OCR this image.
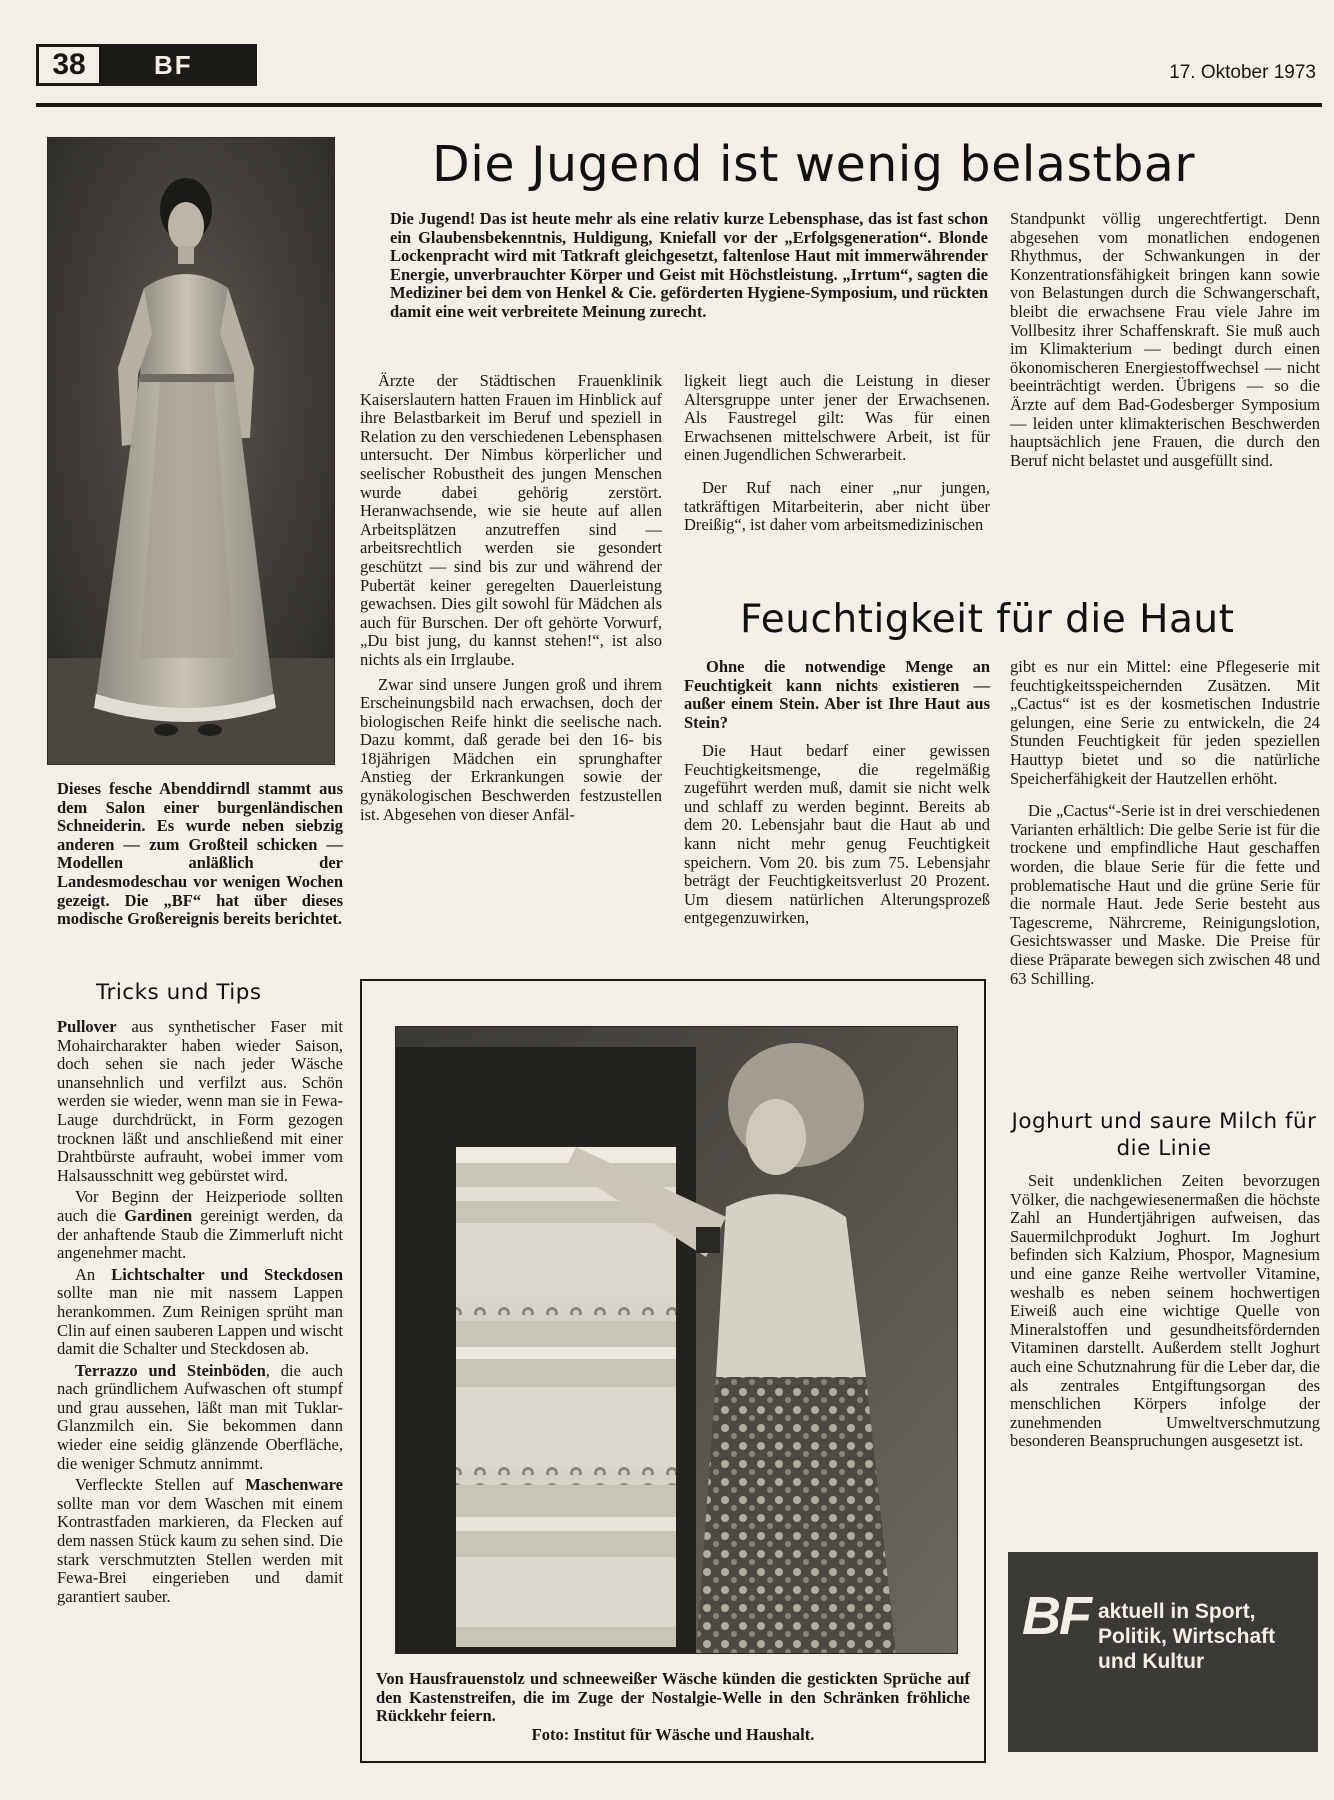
38	BF	17. Oktober 1973
Dieses fesche Abenddirndl stammt aus dem Salon einer burgenländischen Schneiderin. Es wurde neben siebzig anderen — zum Großteil schicken — Modellen anläßlich der Landesmodeschau vor wenigen Wochen gezeigt. Die „BF“ hat über dieses modische Großereignis bereits berichtet.
Tricks und Tips

Pullover aus synthetischer Faser mit Mohaircharakter haben wieder Saison, doch sehen sie nach jeder Wäsche unansehnlich und verfilzt aus. Schön werden sie wieder, wenn man sie in Fewa-Lauge durchdrückt, in Form gezogen trocknen läßt und anschließend mit einer Drahtbürste aufrauht, wobei immer vom Halsausschnitt weg gebürstet wird.

Vor Beginn der Heizperiode sollten auch die Gardinen gereinigt werden, da der anhaftende Staub die Zimmerluft nicht angenehmer macht.

An Lichtschalter und Steckdosen sollte man nie mit nassem Lappen herankommen. Zum Reinigen sprüht man Clin auf einen sauberen Lappen und wischt damit die Schalter und Steckdosen ab.

Terrazzo und Steinböden, die auch nach gründlichem Aufwaschen oft stumpf und grau aussehen, läßt man mit Tuklar-Glanzmilch ein. Sie bekommen dann wieder eine seidig glänzende Oberfläche, die weniger Schmutz annimmt.

Verfleckte Stellen auf Maschenware sollte man vor dem Waschen mit einem Kontrastfaden markieren, da Flecken auf dem nassen Stück kaum zu sehen sind. Die stark verschmutzten Stellen werden mit Fewa-Brei eingerieben und damit garantiert sauber.

Die Jugend ist wenig belastbar

Die Jugend! Das ist heute mehr als eine relativ kurze Lebensphase, das ist fast schon ein Glaubensbekenntnis, Huldigung, Kniefall vor der „Erfolgsgeneration“. Blonde Lockenpracht wird mit Tatkraft gleichgesetzt, faltenlose Haut mit immerwährender Energie, unverbrauchter Körper und Geist mit Höchstleistung. „Irrtum“, sagten die Mediziner bei dem von Henkel & Cie. geförderten Hygiene-Symposium, und rückten damit eine weit verbreitete Meinung zurecht.

Ärzte der Städtischen Frauenklinik Kaiserslautern hatten Frauen im Hinblick auf ihre Belastbarkeit im Beruf und speziell in Relation zu den verschiedenen Lebensphasen untersucht. Der Nimbus körperlicher und seelischer Robustheit des jungen Menschen wurde dabei gehörig zerstört. Heranwachsende, wie sie heute auf allen Arbeitsplätzen anzutreffen sind — arbeitsrechtlich werden sie gesondert geschützt — sind bis zur und während der Pubertät keiner geregelten Dauerleistung gewachsen. Dies gilt sowohl für Mädchen als auch für Burschen. Der oft gehörte Vorwurf, „Du bist jung, du kannst stehen!“, ist also nichts als ein Irrglaube.

Zwar sind unsere Jungen groß und ihrem Erscheinungsbild nach erwachsen, doch der biologischen Reife hinkt die seelische nach. Dazu kommt, daß gerade bei den 16- bis 18jährigen Mädchen ein sprunghafter Anstieg der Erkrankungen sowie der gynäkologischen Beschwerden festzustellen ist. Abgesehen von dieser Anfäl-

ligkeit liegt auch die Leistung in dieser Altersgruppe unter jener der Erwachsenen. Als Faustregel gilt: Was für einen Erwachsenen mittelschwere Arbeit, ist für einen Jugendlichen Schwerarbeit.

Der Ruf nach einer „nur jungen, tatkräftigen Mitarbeiterin, aber nicht über Dreißig“, ist daher vom arbeitsmedizinischen

Standpunkt völlig ungerechtfertigt. Denn abgesehen vom monatlichen endogenen Rhythmus, der Schwankungen in der Konzentrationsfähigkeit bringen kann sowie von Belastungen durch die Schwangerschaft, bleibt die erwachsene Frau viele Jahre im Vollbesitz ihrer Schaffenskraft. Sie muß auch im Klimakterium — bedingt durch einen ökonomischeren Energiestoffwechsel — nicht beeinträchtigt werden. Übrigens — so die Ärzte auf dem Bad-Godesberger Symposium — leiden unter klimakterischen Beschwerden hauptsächlich jene Frauen, die durch den Beruf nicht belastet und ausgefüllt sind.

Feuchtigkeit für die Haut

Ohne die notwendige Menge an Feuchtigkeit kann nichts existieren — außer einem Stein. Aber ist Ihre Haut aus Stein?

Die Haut bedarf einer gewissen Feuchtigkeitsmenge, die regelmäßig zugeführt werden muß, damit sie nicht welk und schlaff zu werden beginnt. Bereits ab dem 20. Lebensjahr baut die Haut ab und kann nicht mehr genug Feuchtigkeit speichern. Vom 20. bis zum 75. Lebensjahr beträgt der Feuchtigkeitsverlust 20 Prozent. Um diesem natürlichen Alterungsprozeß entgegenzuwirken,

gibt es nur ein Mittel: eine Pflegeserie mit feuchtigkeitsspeichernden Zusätzen. Mit „Cactus“ ist es der kosmetischen Industrie gelungen, eine Serie zu entwickeln, die 24 Stunden Feuchtigkeit für jeden speziellen Hauttyp bietet und so die natürliche Speicherfähigkeit der Hautzellen erhöht.

Die „Cactus“-Serie ist in drei verschiedenen Varianten erhältlich: Die gelbe Serie ist für die trockene und empfindliche Haut geschaffen worden, die blaue Serie für die fette und problematische Haut und die grüne Serie für die normale Haut. Jede Serie besteht aus Tagescreme, Nährcreme, Reinigungslotion, Gesichtswasser und Maske. Die Preise für diese Präparate bewegen sich zwischen 48 und 63 Schilling.

Von Hausfrauenstolz und schneeweißer Wäsche künden die gestickten Sprüche auf den Kastenstreifen, die im Zuge der Nostalgie-Welle in den Schränken fröhliche Rückkehr feiern.
Foto: Institut für Wäsche und Haushalt.
Joghurt und saure Milch für die Linie

Seit undenklichen Zeiten bevorzugen Völker, die nachgewiesenermaßen die höchste Zahl an Hundertjährigen aufweisen, das Sauermilchprodukt Joghurt. Im Joghurt befinden sich Kalzium, Phospor, Magnesium und eine ganze Reihe wertvoller Vitamine, weshalb es neben seinem hochwertigen Eiweiß auch eine wichtige Quelle von Mineralstoffen und gesundheitsfördernden Vitaminen darstellt. Außerdem stellt Joghurt auch eine Schutznahrung für die Leber dar, die als zentrales Entgiftungsorgan des menschlichen Körpers infolge der zunehmenden Umweltverschmutzung besonderen Beanspruchungen ausgesetzt ist.

BF aktuell in Sport, Politik, Wirtschaft und Kultur
